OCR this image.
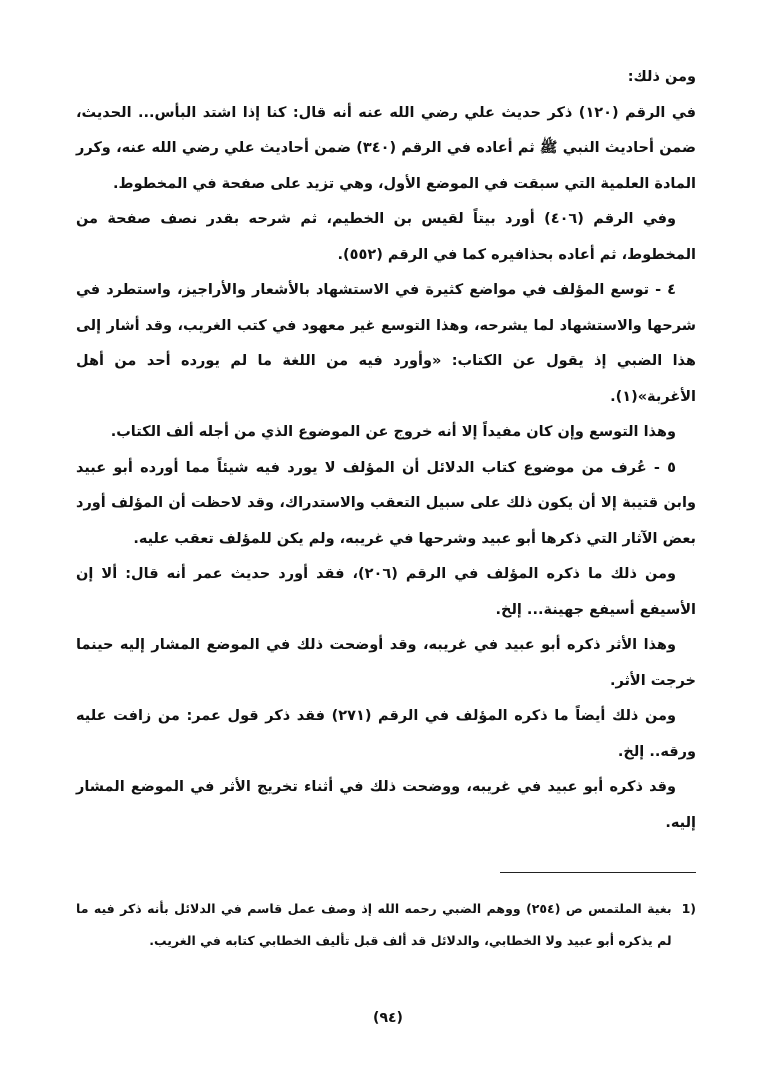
ومن ذلك:

في الرقم (١٢٠) ذكر حديث علي رضي الله عنه أنه قال: كنا إذا اشتد البأس... الحديث، ضمن أحاديث النبي ﷺ ثم أعاده في الرقم (٣٤٠) ضمن أحاديث علي رضي الله عنه، وكرر المادة العلمية التي سبقت في الموضع الأول، وهي تزيد على صفحة في المخطوط.

وفي الرقم (٤٠٦) أورد بيتاً لقيس بن الخطيم، ثم شرحه بقدر نصف صفحة من المخطوط، ثم أعاده بحذافيره كما في الرقم (٥٥٢).

٤ - توسع المؤلف في مواضع كثيرة في الاستشهاد بالأشعار والأراجيز، واستطرد في شرحها والاستشهاد لما يشرحه، وهذا التوسع غير معهود في كتب الغريب، وقد أشار إلى هذا الضبي إذ يقول عن الكتاب: «وأورد فيه من اللغة ما لم يورده أحد من أهل الأغربة»(١).

وهذا التوسع وإن كان مفيداً إلا أنه خروج عن الموضوع الذي من أجله ألف الكتاب.

٥ - عُرف من موضوع كتاب الدلائل أن المؤلف لا يورد فيه شيئاً مما أورده أبو عبيد وابن قتيبة إلا أن يكون ذلك على سبيل التعقب والاستدراك، وقد لاحظت أن المؤلف أورد بعض الآثار التي ذكرها أبو عبيد وشرحها في غريبه، ولم يكن للمؤلف تعقب عليه.

ومن ذلك ما ذكره المؤلف في الرقم (٢٠٦)، فقد أورد حديث عمر أنه قال: ألا إن الأسيفع أسيفع جهينة... إلخ.

وهذا الأثر ذكره أبو عبيد في غريبه، وقد أوضحت ذلك في الموضع المشار إليه حينما خرجت الأثر.

ومن ذلك أيضاً ما ذكره المؤلف في الرقم (٢٧١) فقد ذكر قول عمر: من زافت عليه ورقه.. إلخ.

وقد ذكره أبو عبيد في غريبه، ووضحت ذلك في أثناء تخريج الأثر في الموضع المشار إليه.

1)
بغية الملتمس ص (٢٥٤) ووهم الضبي رحمه الله إذ وصف عمل قاسم في الدلائل بأنه ذكر فيه ما لم يذكره أبو عبيد ولا الخطابي، والدلائل قد ألف قبل تأليف الخطابي كتابه في الغريب.
(٩٤)
